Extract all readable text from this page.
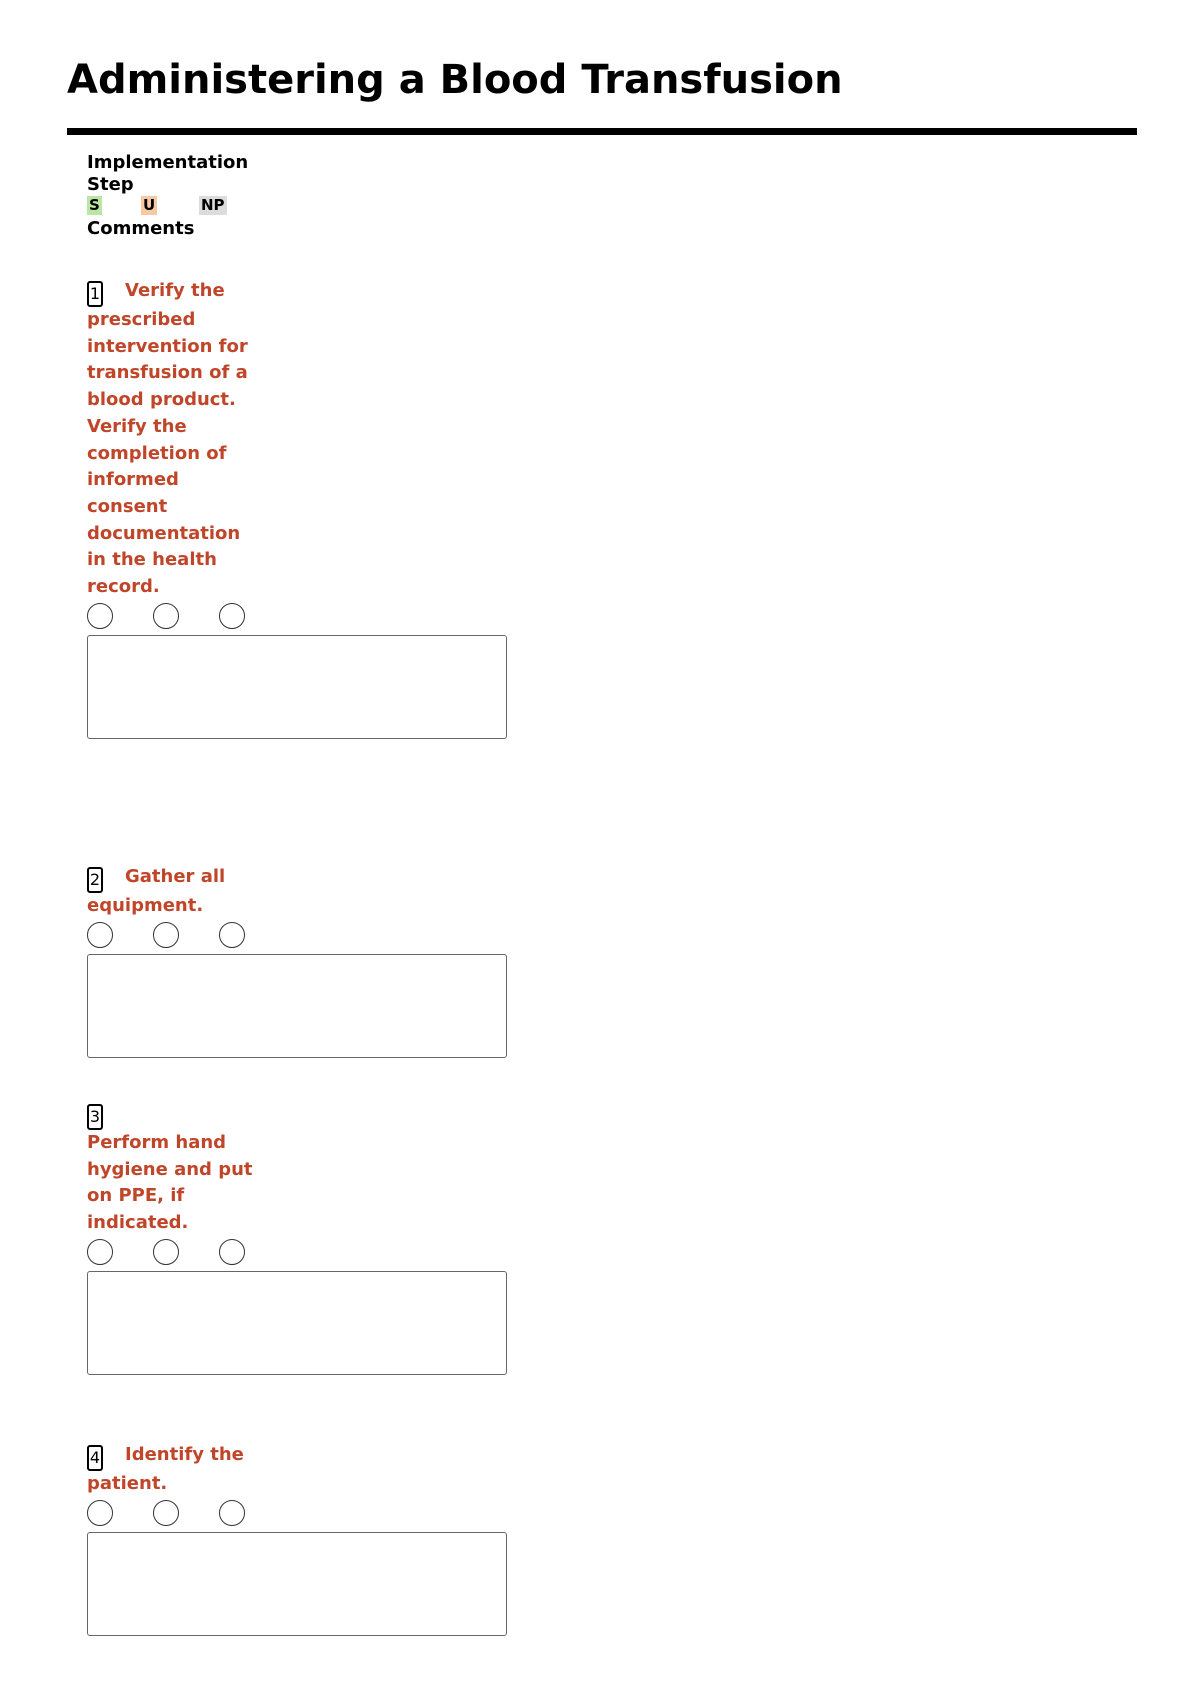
Administering a Blood Transfusion
Implementation
Step
S	U	NP
Comments

1 Verify the prescribed intervention for transfusion of a blood product. Verify the completion of informed consent documentation in the health record.

2 Gather all equipment.

3
Perform hand hygiene and put on PPE, if indicated.

4 Identify the patient.
